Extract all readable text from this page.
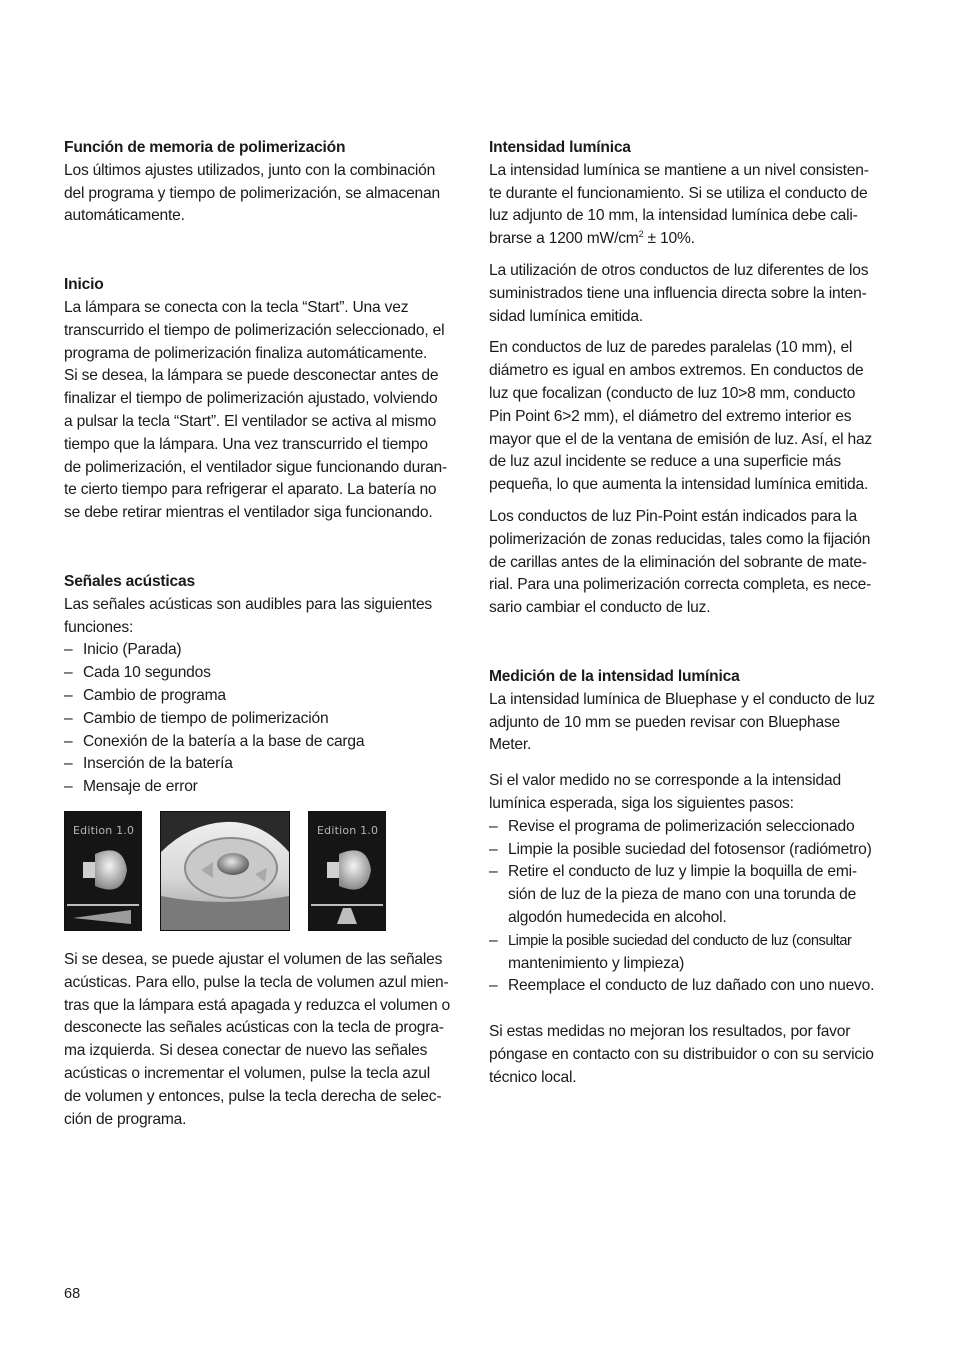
Función de memoria de polimerización

Los últimos ajustes utilizados, junto con la combinación
del programa y tiempo de polimerización, se almacenan
automáticamente.

Inicio

La lámpara se conecta con la tecla “Start”. Una vez
transcurrido el tiempo de polimerización seleccionado, el
programa de polimerización finaliza automáticamente.
Si se desea, la lámpara se puede desconectar antes de
finalizar el tiempo de polimerización ajustado, volviendo
a pulsar la tecla “Start”. El ventilador se activa al mismo
tiempo que la lámpara. Una vez transcurrido el tiempo
de polimerización, el ventilador sigue funcionando duran-
te cierto tiempo para refrigerar el aparato. La batería no
se debe retirar mientras el ventilador siga funcionando.

Señales acústicas

Las señales acústicas son audibles para las siguientes
funciones:

– Inicio (Parada)
– Cada 10 segundos
– Cambio de programa
– Cambio de tiempo de polimerización
– Conexión de la batería a la base de carga
– Inserción de la batería
– Mensaje de error
Edition 1.0	Edition 1.0

Si se desea, se puede ajustar el volumen de las señales
acústicas. Para ello, pulse la tecla de volumen azul mien-
tras que la lámpara está apagada y reduzca el volumen o
desconecte las señales acústicas con la tecla de progra-
ma izquierda. Si desea conectar de nuevo las señales
acústicas o incrementar el volumen, pulse la tecla azul
de volumen y entonces, pulse la tecla derecha de selec-
ción de programa.

Intensidad lumínica

La intensidad lumínica se mantiene a un nivel consisten-
te durante el funcionamiento. Si se utiliza el conducto de
luz adjunto de 10 mm, la intensidad lumínica debe cali-
brarse a 1200 $mW/cm^2 \pm 10\%$.

La utilización de otros conductos de luz diferentes de los
suministrados tiene una influencia directa sobre la inten-
sidad lumínica emitida.

En conductos de luz de paredes paralelas (10 mm), el
diámetro es igual en ambos extremos. En conductos de
luz que focalizan (conducto de luz 10>8 mm, conducto
Pin Point 6>2 mm), el diámetro del extremo interior es
mayor que el de la ventana de emisión de luz. Así, el haz
de luz azul incidente se reduce a una superficie más
pequeña, lo que aumenta la intensidad lumínica emitida.

Los conductos de luz Pin-Point están indicados para la
polimerización de zonas reducidas, tales como la fijación
de carillas antes de la eliminación del sobrante de mate-
rial. Para una polimerización correcta completa, es nece-
sario cambiar el conducto de luz.

Medición de la intensidad lumínica

La intensidad lumínica de Bluephase y el conducto de luz
adjunto de 10 mm se pueden revisar con Bluephase
Meter.

Si el valor medido no se corresponde a la intensidad
lumínica esperada, siga los siguientes pasos:

– Revise el programa de polimerización seleccionado
– Limpie la posible suciedad del fotosensor (radiómetro)
– Retire el conducto de luz y limpie la boquilla de emi-
sión de luz de la pieza de mano con una torunda de
algodón humedecida en alcohol.
– Limpie la posible suciedad del conducto de luz (consultar
mantenimiento y limpieza)
– Reemplace el conducto de luz dañado con uno nuevo.

Si estas medidas no mejoran los resultados, por favor
póngase en contacto con su distribuidor o con su servicio
técnico local.

68
